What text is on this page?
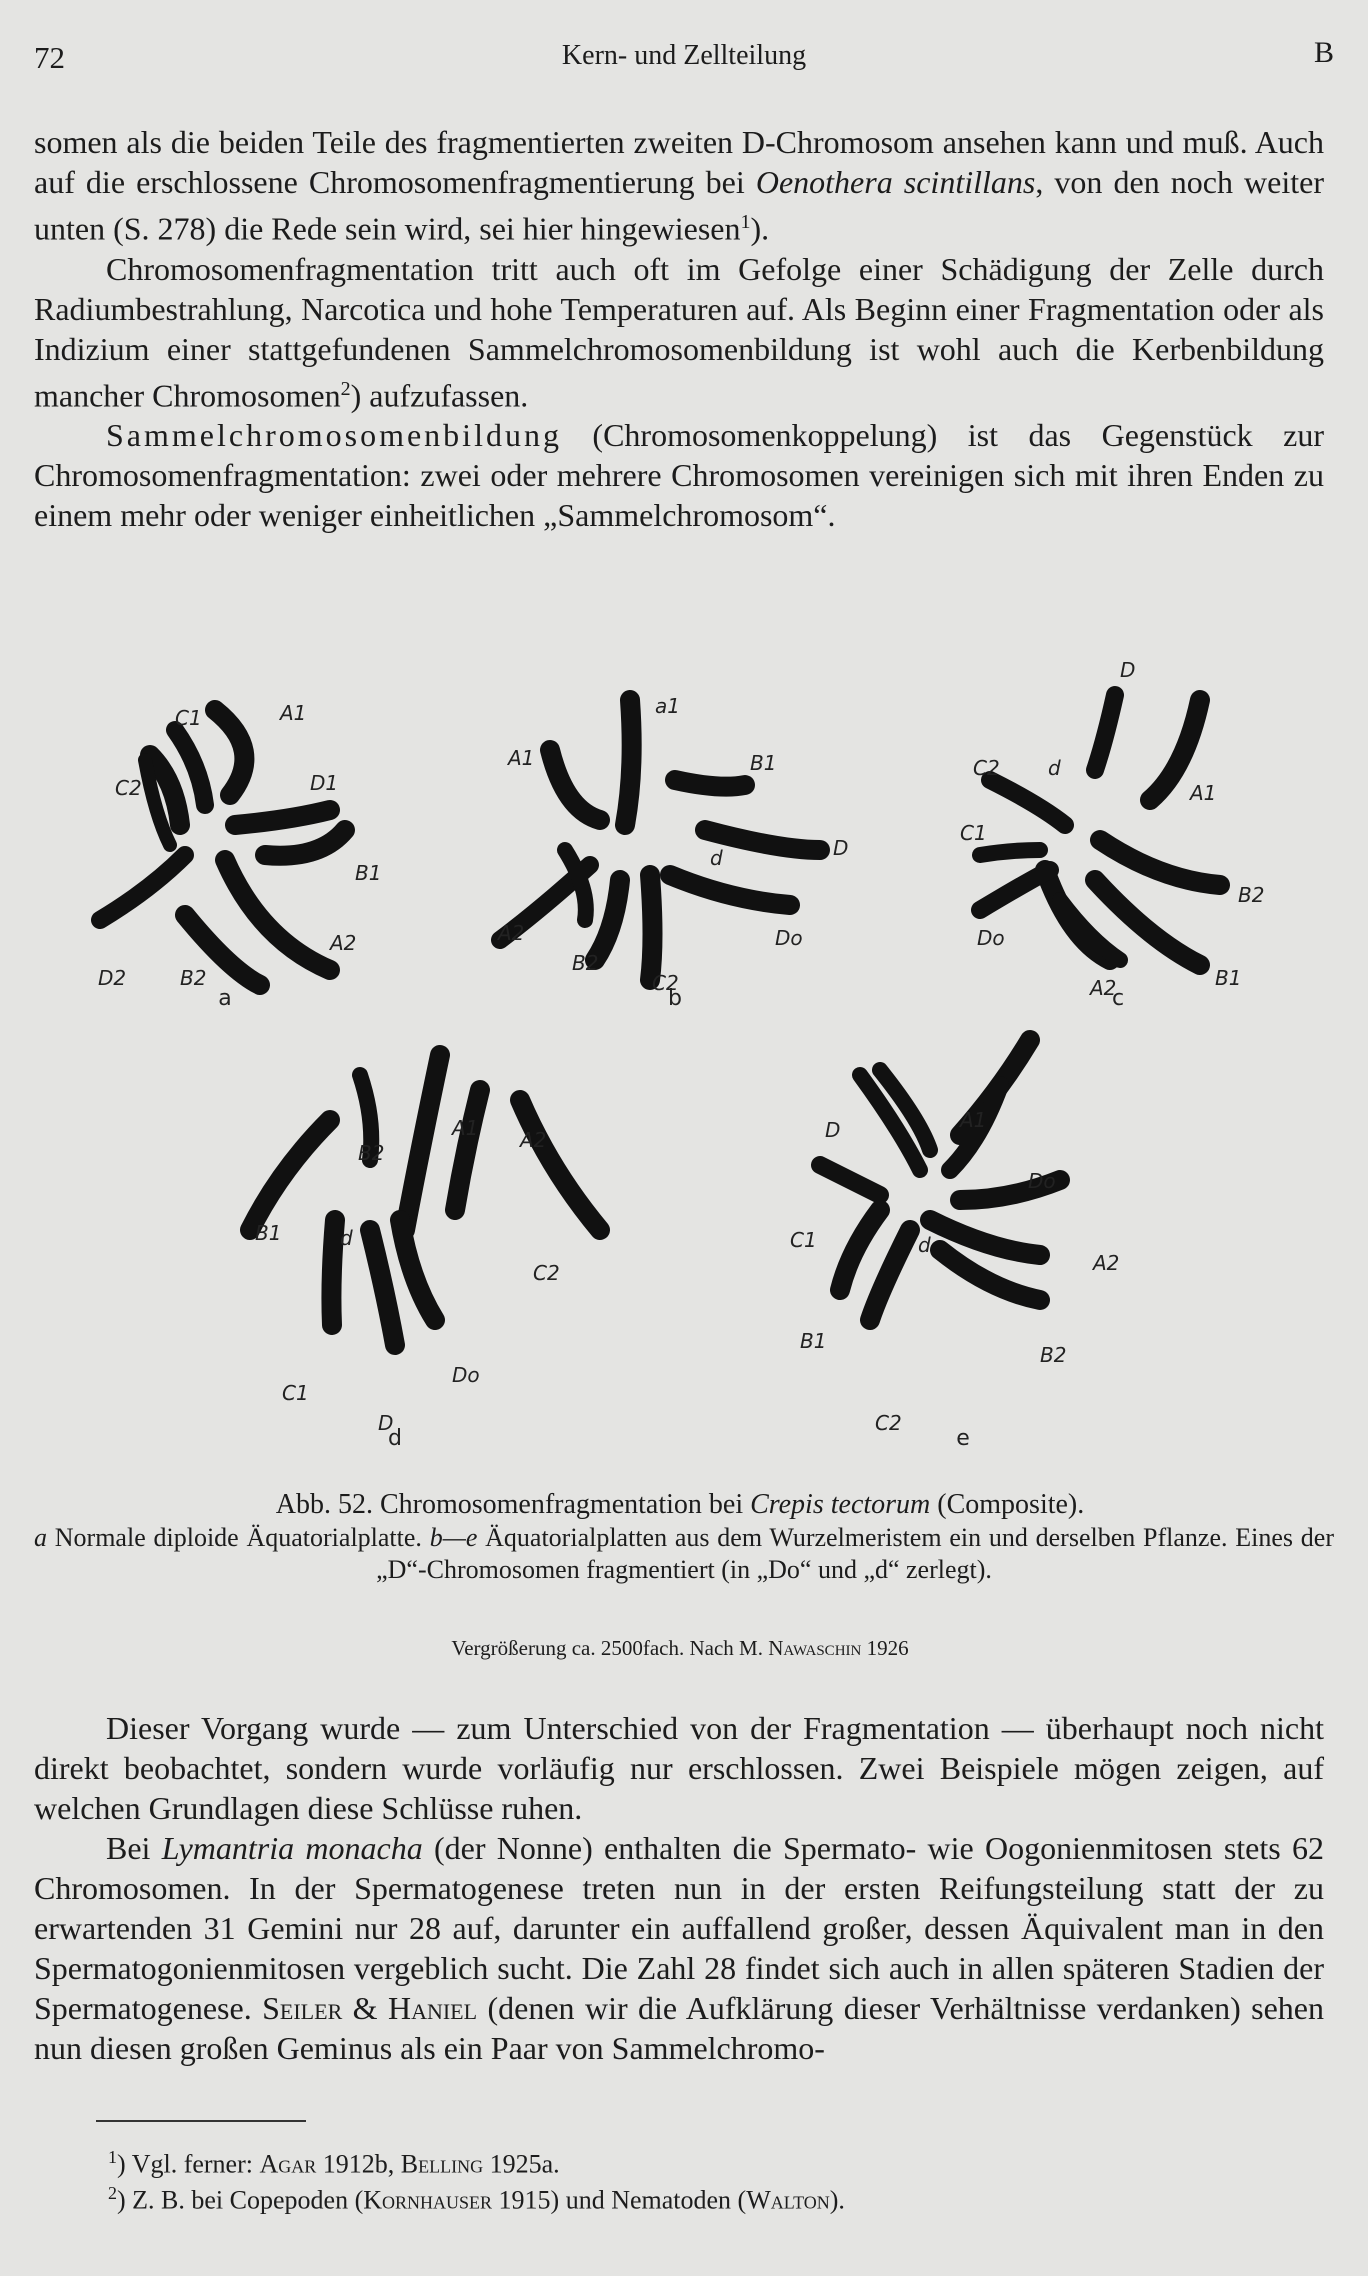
72	Kern- und Zellteilung	B

somen als die beiden Teile des fragmentierten zweiten D-Chromosom ansehen kann und muß. Auch auf die erschlossene Chromosomenfragmentierung bei Oenothera scintillans, von den noch weiter unten (S. 278) die Rede sein wird, sei hier hingewiesen$^1$).

Chromosomenfragmentation tritt auch oft im Gefolge einer Schädigung der Zelle durch Radiumbestrahlung, Narcotica und hohe Temperaturen auf. Als Beginn einer Fragmentation oder als Indizium einer stattgefundenen Sammelchromosomenbildung ist wohl auch die Kerbenbildung mancher Chromosomen$^2$) aufzufassen.

Sammelchromosomenbildung (Chromosomenkoppelung) ist das Gegenstück zur Chromosomenfragmentation: zwei oder mehrere Chromosomen vereinigen sich mit ihren Enden zu einem mehr oder weniger einheitlichen „Sammelchromosom“.

C1	A1
C2	D1
B1
A2
D2	B2
a1
A1	B1
D
d
Do
A2
B2
C2
D
C2 d
A1
C1
B2
Do
A2	B1
A1 A2
B2
B1	d
C2
C1
D
Do
D	A1
Do
C1	d
A2
B1
B2
C2
a	b	c
d	e
Abb. 52. Chromosomenfragmentation bei Crepis tectorum (Composite).
a Normale diploide Äquatorialplatte. b—e Äquatorialplatten aus dem Wurzelmeristem ein und derselben Pflanze. Eines der „D“-Chromosomen fragmentiert (in „Do“ und „d“ zerlegt).
Vergrößerung ca. 2500fach. Nach M. Nawaschin 1926

Dieser Vorgang wurde — zum Unterschied von der Fragmentation — überhaupt noch nicht direkt beobachtet, sondern wurde vorläufig nur erschlossen. Zwei Beispiele mögen zeigen, auf welchen Grundlagen diese Schlüsse ruhen.

Bei Lymantria monacha (der Nonne) enthalten die Spermato- wie Oogonienmitosen stets 62 Chromosomen. In der Spermatogenese treten nun in der ersten Reifungsteilung statt der zu erwartenden 31 Gemini nur 28 auf, darunter ein auffallend großer, dessen Äquivalent man in den Spermatogonienmitosen vergeblich sucht. Die Zahl 28 findet sich auch in allen späteren Stadien der Spermatogenese. Seiler & Haniel (denen wir die Aufklärung dieser Verhältnisse verdanken) sehen nun diesen großen Geminus als ein Paar von Sammelchromo-

$^1$) Vgl. ferner: Agar 1912b, Belling 1925a.
$^2$) Z. B. bei Copepoden (Kornhauser 1915) und Nematoden (Walton).
